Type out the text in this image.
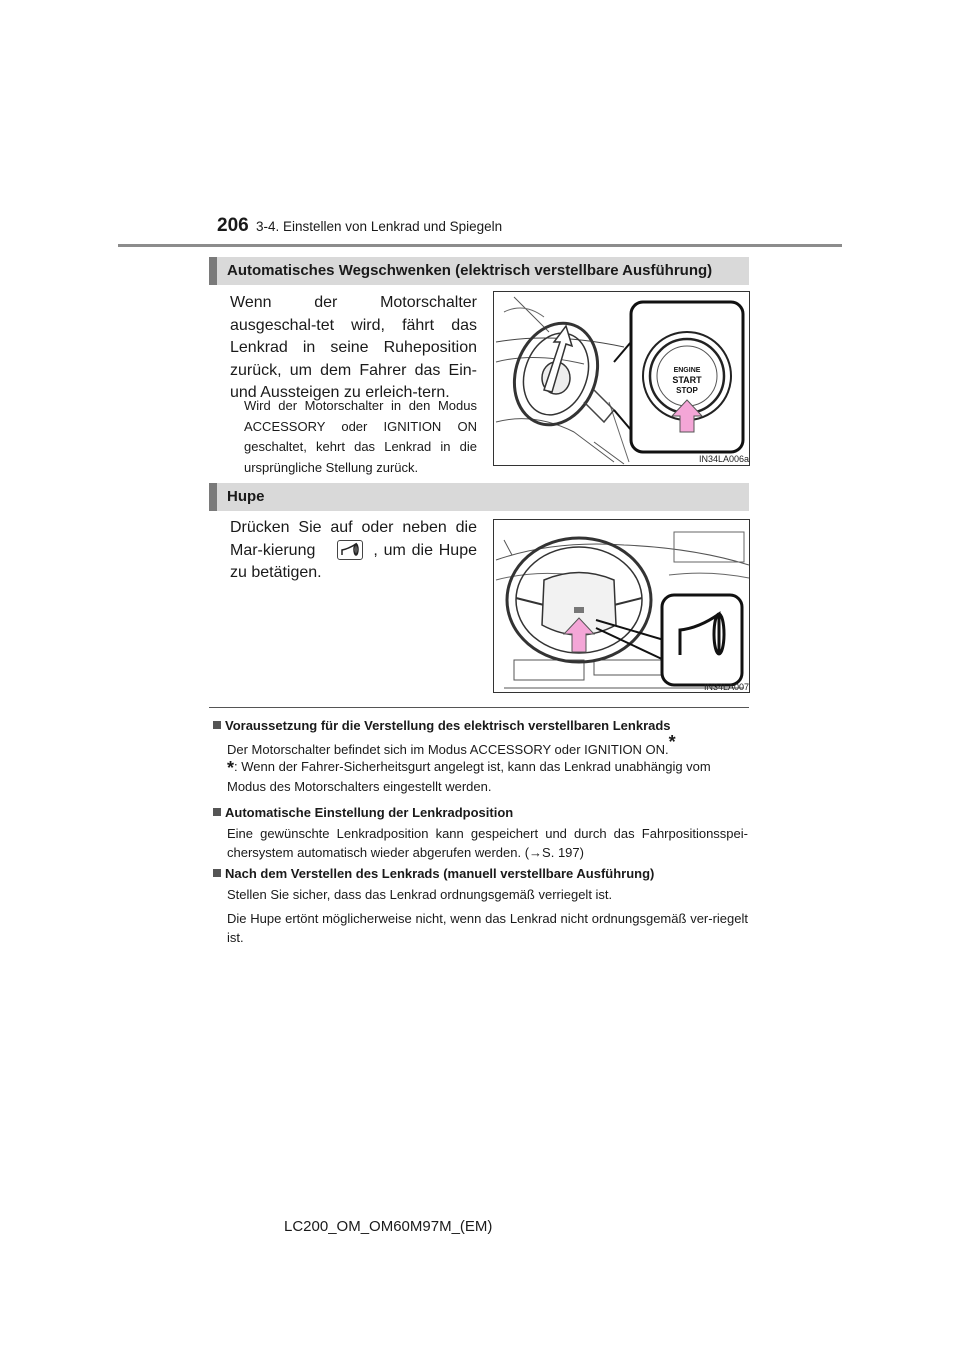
206 3-4. Einstellen von Lenkrad und Spiegeln
Automatisches Wegschwenken (elektrisch verstellbare Ausführung)

Wenn der Motorschalter ausgeschal-tet wird, fährt das Lenkrad in seine Ruheposition zurück, um dem Fahrer das Ein- und Aussteigen zu erleich-tern.

Wird der Motorschalter in den Modus ACCESSORY oder IGNITION ON geschaltet, kehrt das Lenkrad in die ursprüngliche Stellung zurück.

ENGINE
START
STOP
IN34LA006a
Hupe

Drücken Sie auf oder neben die Mar-kierung	, um die Hupe zu betätigen.

IN34LA007
Voraussetzung für die Verstellung des elektrisch verstellbaren Lenkrads

Der Motorschalter befindet sich im Modus ACCESSORY oder IGNITION ON.*

*: Wenn der Fahrer-Sicherheitsgurt angelegt ist, kann das Lenkrad unabhängig vom Modus des Motorschalters eingestellt werden.

Automatische Einstellung der Lenkradposition

Eine gewünschte Lenkradposition kann gespeichert und durch das Fahrpositionsspei-chersystem automatisch wieder abgerufen werden. (→S. 197)

Nach dem Verstellen des Lenkrads (manuell verstellbare Ausführung)

Stellen Sie sicher, dass das Lenkrad ordnungsgemäß verriegelt ist.

Die Hupe ertönt möglicherweise nicht, wenn das Lenkrad nicht ordnungsgemäß ver-riegelt ist.

LC200_OM_OM60M97M_(EM)
